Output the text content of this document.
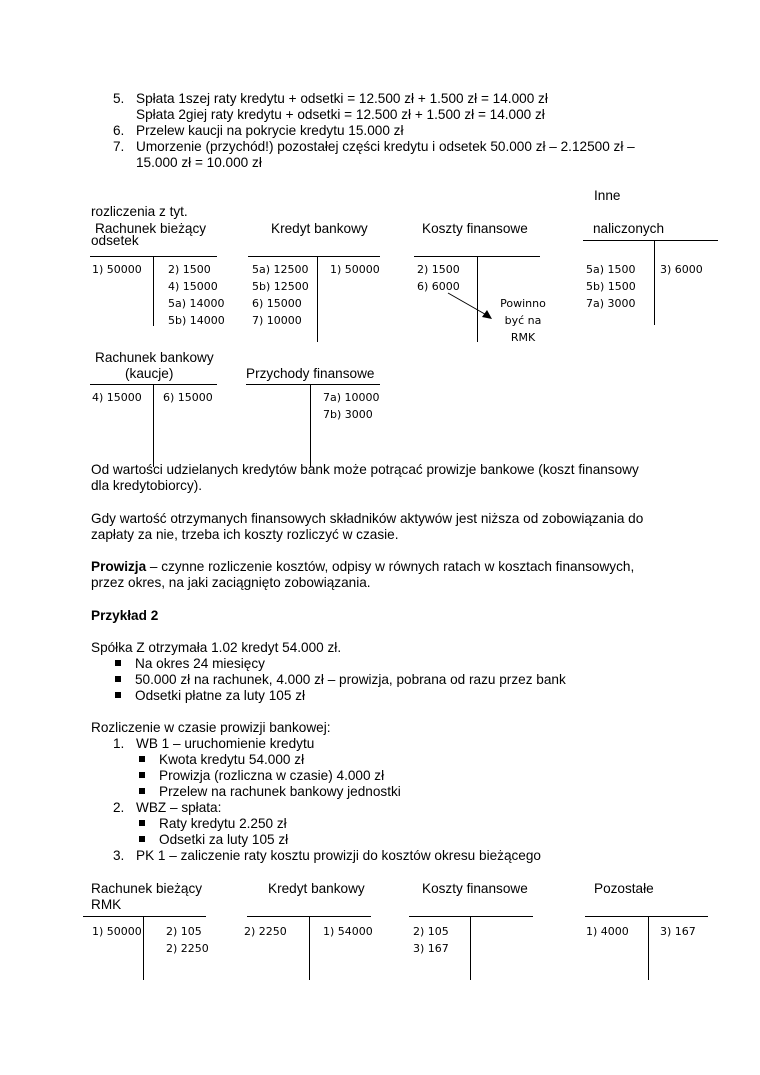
5. Spłata 1szej raty kredytu + odsetki = 12.500 zł + 1.500 zł = 14.000 zł
Spłata 2giej raty kredytu + odsetki = 12.500 zł + 1.500 zł = 14.000 zł
6. Przelew kaucji na pokrycie kredytu 15.000 zł
7. Umorzenie (przychód!) pozostałej części kredytu i odsetek 50.000 zł – 2.12500 zł –
15.000 zł = 10.000 zł
rozliczenia z tyt.
Rachunek bieżący
odsetek
1) 50000 2) 1500
4) 15000
5a) 14000
5b) 14000
Kredyt bankowy
5a) 12500
5b) 12500
6) 15000
7) 10000
1) 50000
Koszty finansowe
2) 1500
6) 6000
Powinno
być na
RMK
Inne
naliczonych
5a) 1500
5b) 1500
7a) 3000
3) 6000
Rachunek bankowy
(kaucje)
4) 15000 6) 15000
Przychody finansowe
7a) 10000
7b) 3000
Od wartości udzielanych kredytów bank może potrącać prowizje bankowe (koszt finansowy
dla kredytobiorcy).
Gdy wartość otrzymanych finansowych składników aktywów jest niższa od zobowiązania do
zapłaty za nie, trzeba ich koszty rozliczyć w czasie.
Prowizja – czynne rozliczenie kosztów, odpisy w równych ratach w kosztach finansowych,
przez okres, na jaki zaciągnięto zobowiązania.
Przykład 2
Spółka Z otrzymała 1.02 kredyt 54.000 zł.
Na okres 24 miesięcy
50.000 zł na rachunek, 4.000 zł – prowizja, pobrana od razu przez bank
Odsetki płatne za luty 105 zł
Rozliczenie w czasie prowizji bankowej:
1. WB 1 – uruchomienie kredytu
Kwota kredytu 54.000 zł
Prowizja (rozliczna w czasie) 4.000 zł
Przelew na rachunek bankowy jednostki
2. WBZ – spłata:
Raty kredytu 2.250 zł
Odsetki za luty 105 zł
3. PK 1 – zaliczenie raty kosztu prowizji do kosztów okresu bieżącego
Rachunek bieżący
RMK
1) 50000 2) 105
2) 2250
Kredyt bankowy
2) 2250	1) 54000
Koszty finansowe
2) 105
3) 167
Pozostałe
1) 4000	3) 167
